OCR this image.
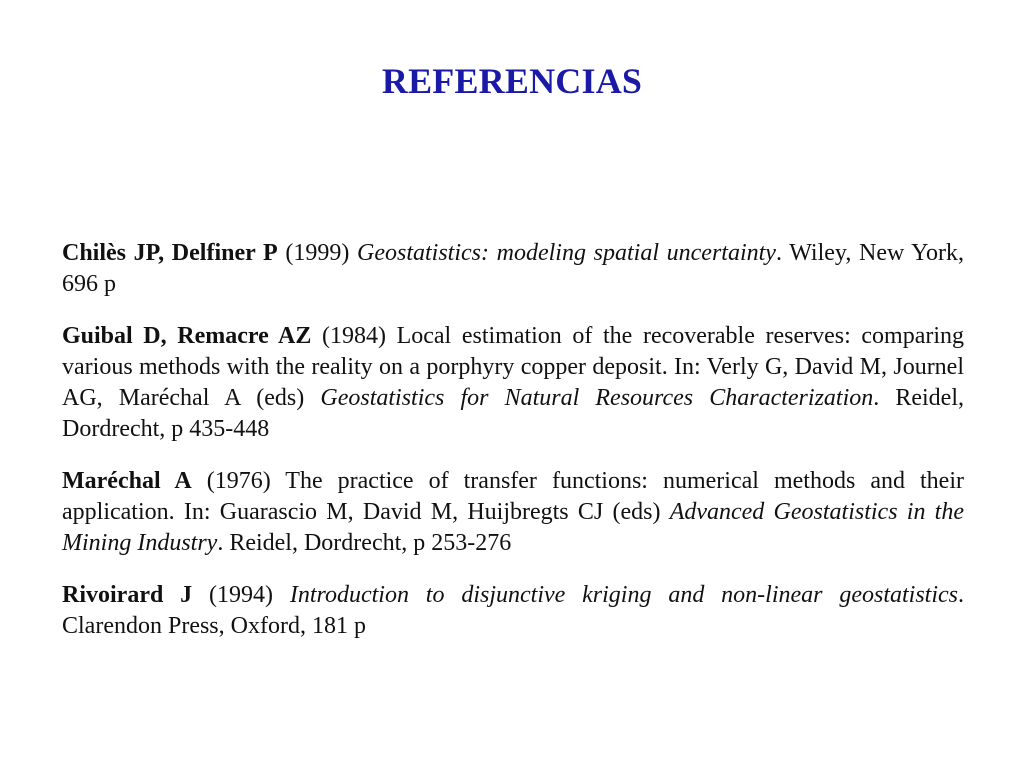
REFERENCIAS

Chilès JP, Delfiner P (1999) Geostatistics: modeling spatial uncertainty. Wiley, New York, 696 p

Guibal D, Remacre AZ (1984) Local estimation of the recoverable reserves: comparing various methods with the reality on a porphyry copper deposit. In: Verly G, David M, Journel AG, Maréchal A (eds) Geostatistics for Natural Resources Characterization. Reidel, Dordrecht, p 435-448

Maréchal A (1976) The practice of transfer functions: numerical methods and their application. In: Guarascio M, David M, Huijbregts CJ (eds) Advanced Geostatistics in the Mining Industry. Reidel, Dordrecht, p 253-276

Rivoirard J (1994) Introduction to disjunctive kriging and non-linear geostatistics. Clarendon Press, Oxford, 181 p
